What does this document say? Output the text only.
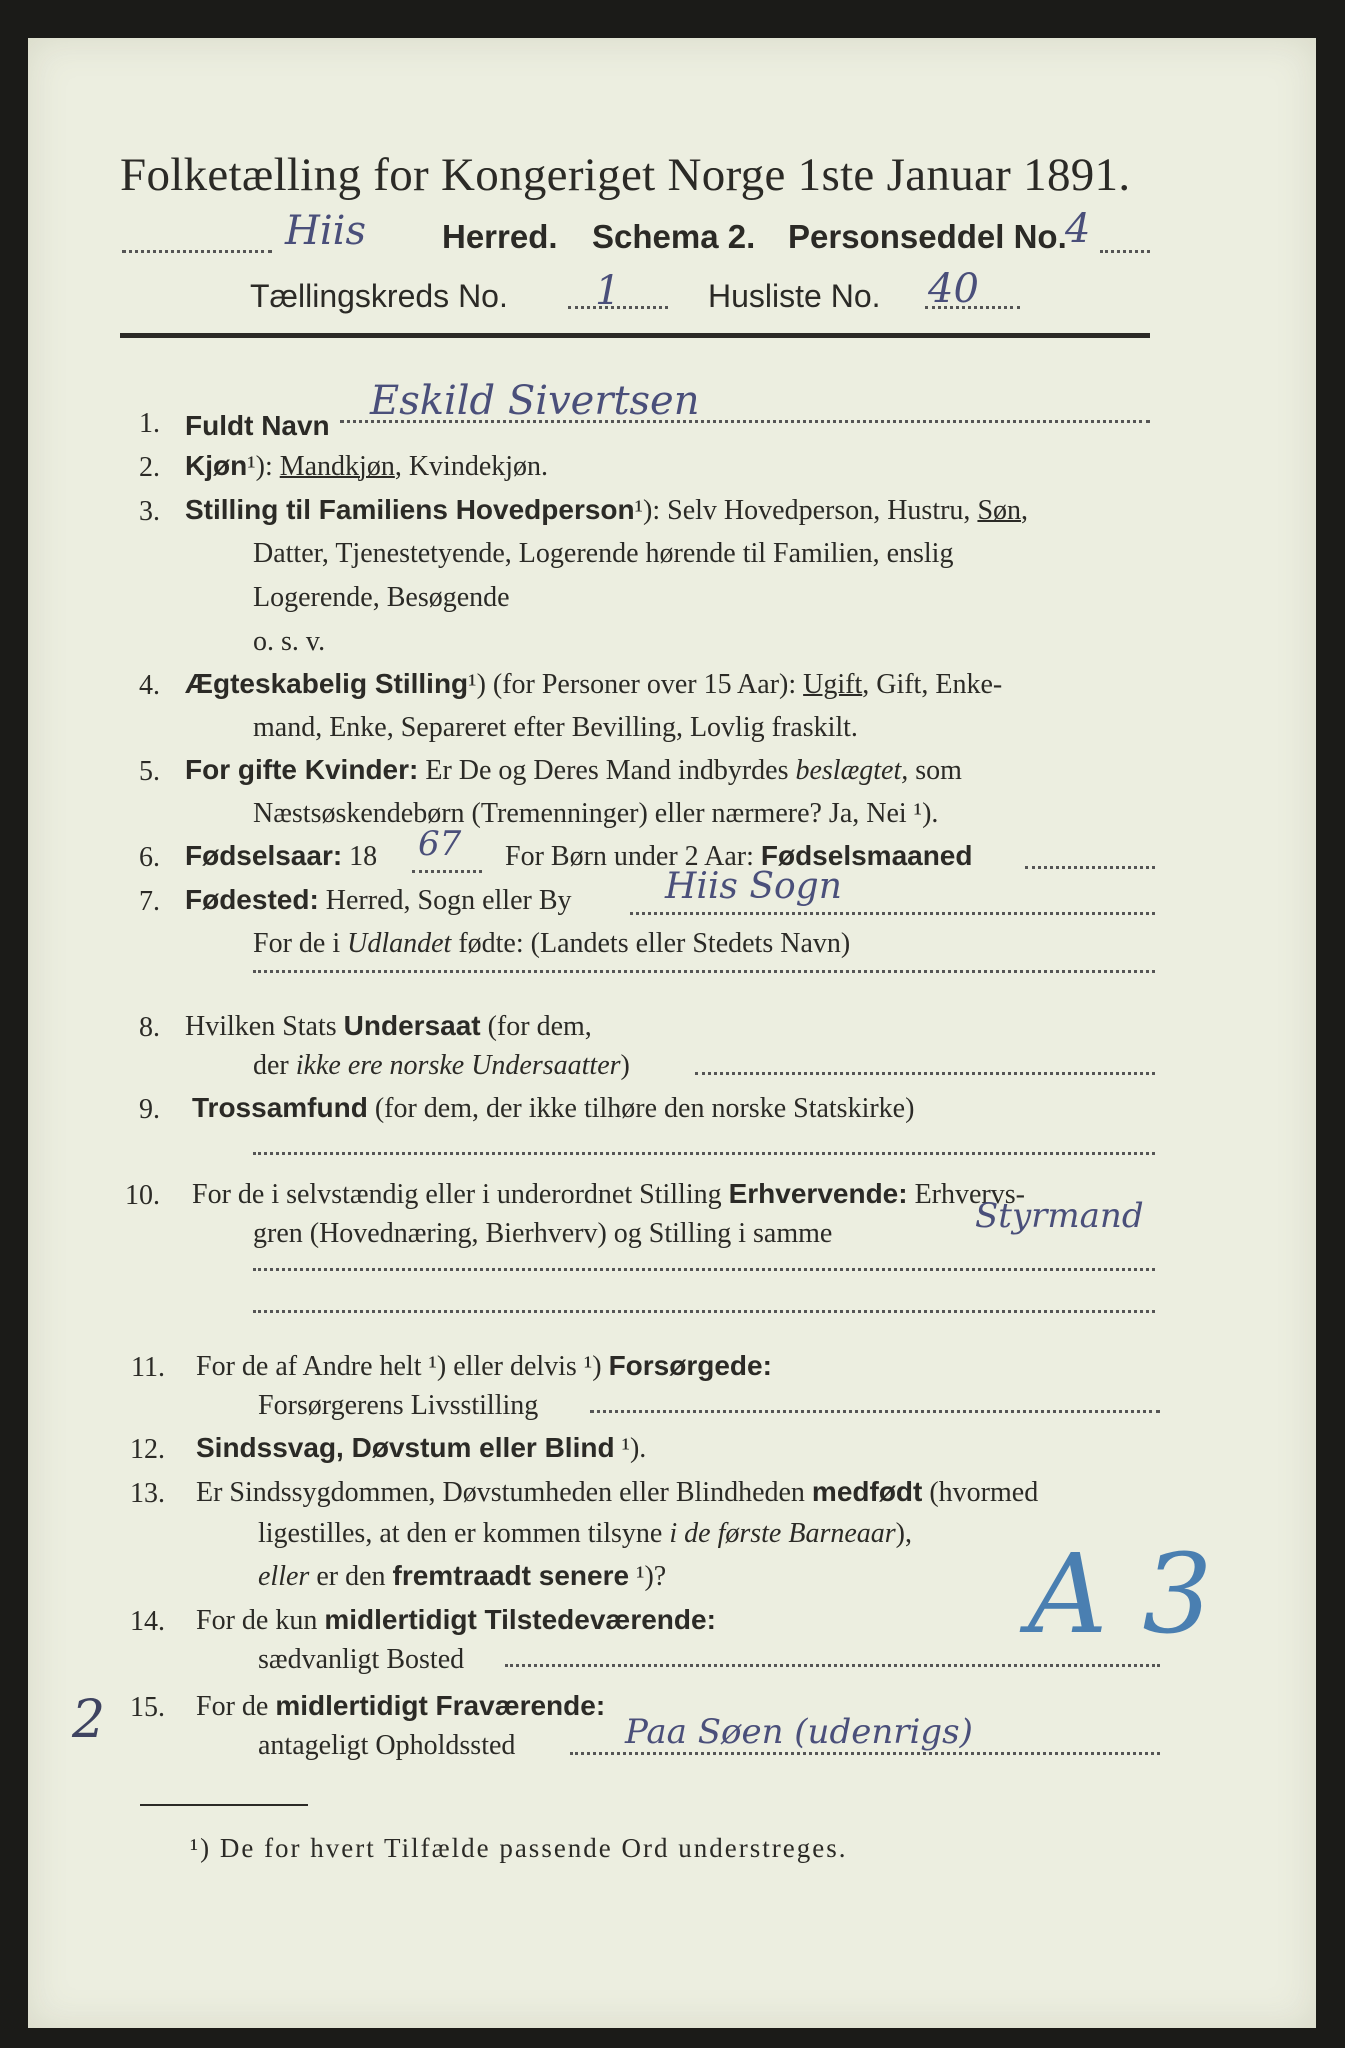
Folketælling for Kongeriget Norge 1ste Januar 1891.
Hiis Herred. Schema 2. Personseddel No.
4
Tællingskreds No. 1	Husliste No. 40
1. Fuldt Navn
Eskild Sivertsen
2. Kjøn¹): Mandkjøn, Kvindekjøn.
3. Stilling til Familiens Hovedperson¹): Selv Hovedperson, Hustru, Søn,
Datter, Tjenestetyende, Logerende hørende til Familien, enslig
Logerende, Besøgende
o. s. v.
4. Ægteskabelig Stilling¹) (for Personer over 15 Aar): Ugift, Gift, Enke-
mand, Enke, Separeret efter Bevilling, Lovlig fraskilt.
5. For gifte Kvinder: Er De og Deres Mand indbyrdes beslægtet, som
Næstsøskendebørn (Tremenninger) eller nærmere? Ja, Nei ¹).
6. Fødselsaar: 18 67 For Børn under 2 Aar: Fødselsmaaned
7. Fødested: Herred, Sogn eller By	Hiis Sogn
For de i Udlandet fødte: (Landets eller Stedets Navn)
8. Hvilken Stats Undersaat (for dem,
der ikke ere norske Undersaatter)
9. Trossamfund (for dem, der ikke tilhøre den norske Statskirke)
10. For de i selvstændig eller i underordnet Stilling Erhvervende: Erhvervs-
gren (Hovednæring, Bierhverv) og Stilling i samme	Styrmand
11. For de af Andre helt ¹) eller delvis ¹) Forsørgede:
Forsørgerens Livsstilling
12. Sindssvag, Døvstum eller Blind ¹).
13. Er Sindssygdommen, Døvstumheden eller Blindheden medfødt (hvormed
ligestilles, at den er kommen tilsyne i de første Barneaar),
eller er den fremtraadt senere ¹)?
14. For de kun midlertidigt Tilstedeværende:
sædvanligt Bosted
2 15. For de midlertidigt Fraværende:
antageligt Opholdssted	Paa Søen (udenrigs)
A 3
¹) De for hvert Tilfælde passende Ord understreges.
